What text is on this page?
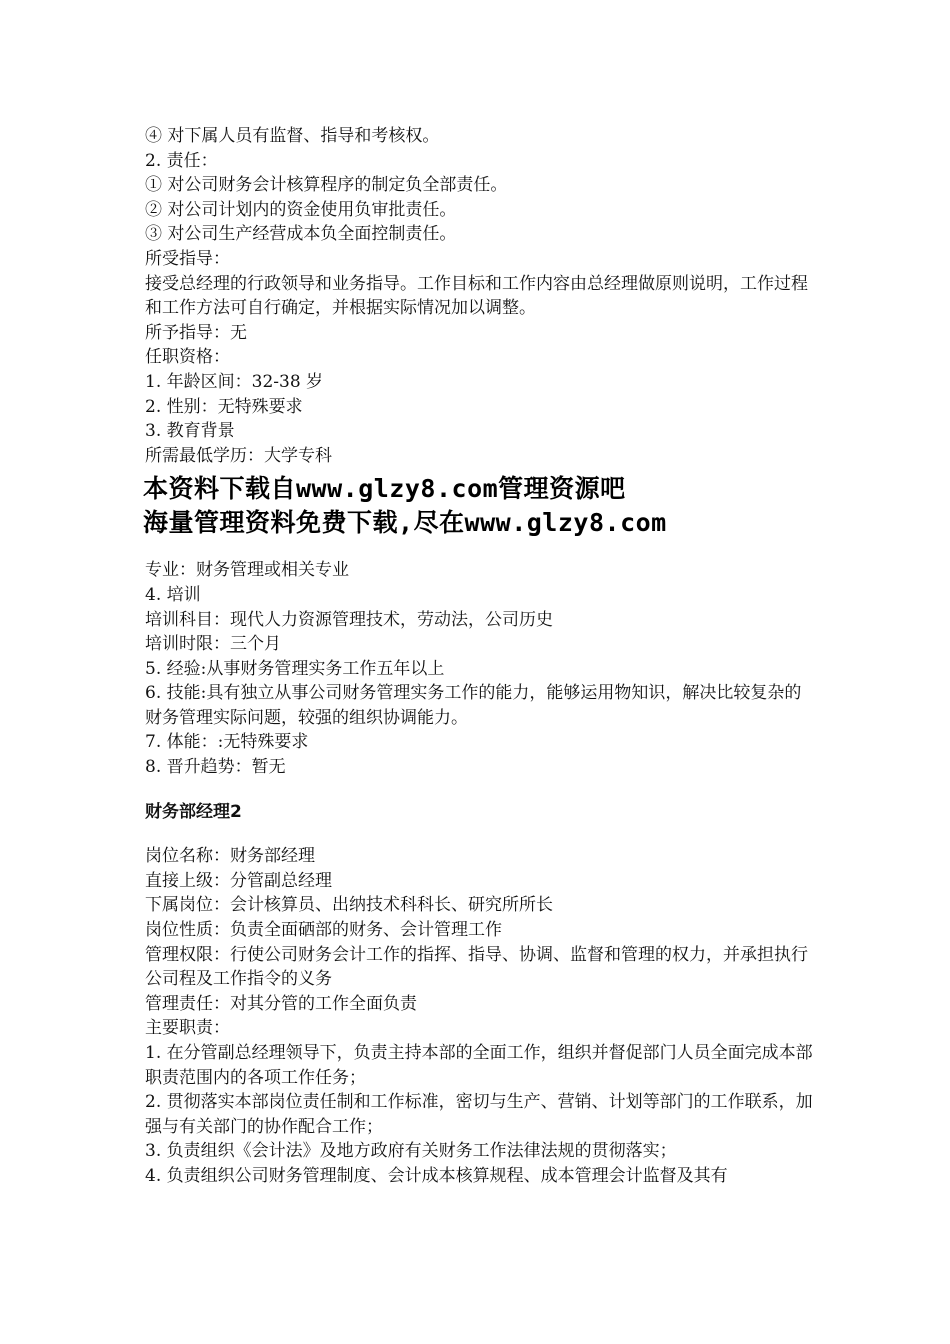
④ 对下属人员有监督、指导和考核权。

2. 责任：

① 对公司财务会计核算程序的制定负全部责任。

② 对公司计划内的资金使用负审批责任。

③ 对公司生产经营成本负全面控制责任。

所受指导：

接受总经理的行政领导和业务指导。工作目标和工作内容由总经理做原则说明，工作过程和工作方法可自行确定，并根据实际情况加以调整。

所予指导：无

任职资格：

1. 年龄区间：32-38 岁

2. 性别：无特殊要求

3. 教育背景

所需最低学历：大学专科

本资料下载自www.glzy8.com管理资源吧
海量管理资料免费下载,尽在www.glzy8.com

专业：财务管理或相关专业

4. 培训

培训科目：现代人力资源管理技术，劳动法，公司历史

培训时限：三个月

5. 经验:从事财务管理实务工作五年以上

6. 技能:具有独立从事公司财务管理实务工作的能力，能够运用物知识，解决比较复杂的财务管理实际问题，较强的组织协调能力。

7. 体能：:无特殊要求

8. 晋升趋势：暂无

财务部经理2

岗位名称：财务部经理

直接上级：分管副总经理

下属岗位：会计核算员、出纳技术科科长、研究所所长

岗位性质：负责全面硒部的财务、会计管理工作

管理权限：行使公司财务会计工作的指挥、指导、协调、监督和管理的权力，并承担执行公司程及工作指令的义务

管理责任：对其分管的工作全面负责

主要职责：

1. 在分管副总经理领导下，负责主持本部的全面工作，组织并督促部门人员全面完成本部职责范围内的各项工作任务；

2. 贯彻落实本部岗位责任制和工作标准，密切与生产、营销、计划等部门的工作联系，加强与有关部门的协作配合工作；

3. 负责组织《会计法》及地方政府有关财务工作法律法规的贯彻落实；

4. 负责组织公司财务管理制度、会计成本核算规程、成本管理会计监督及其有
